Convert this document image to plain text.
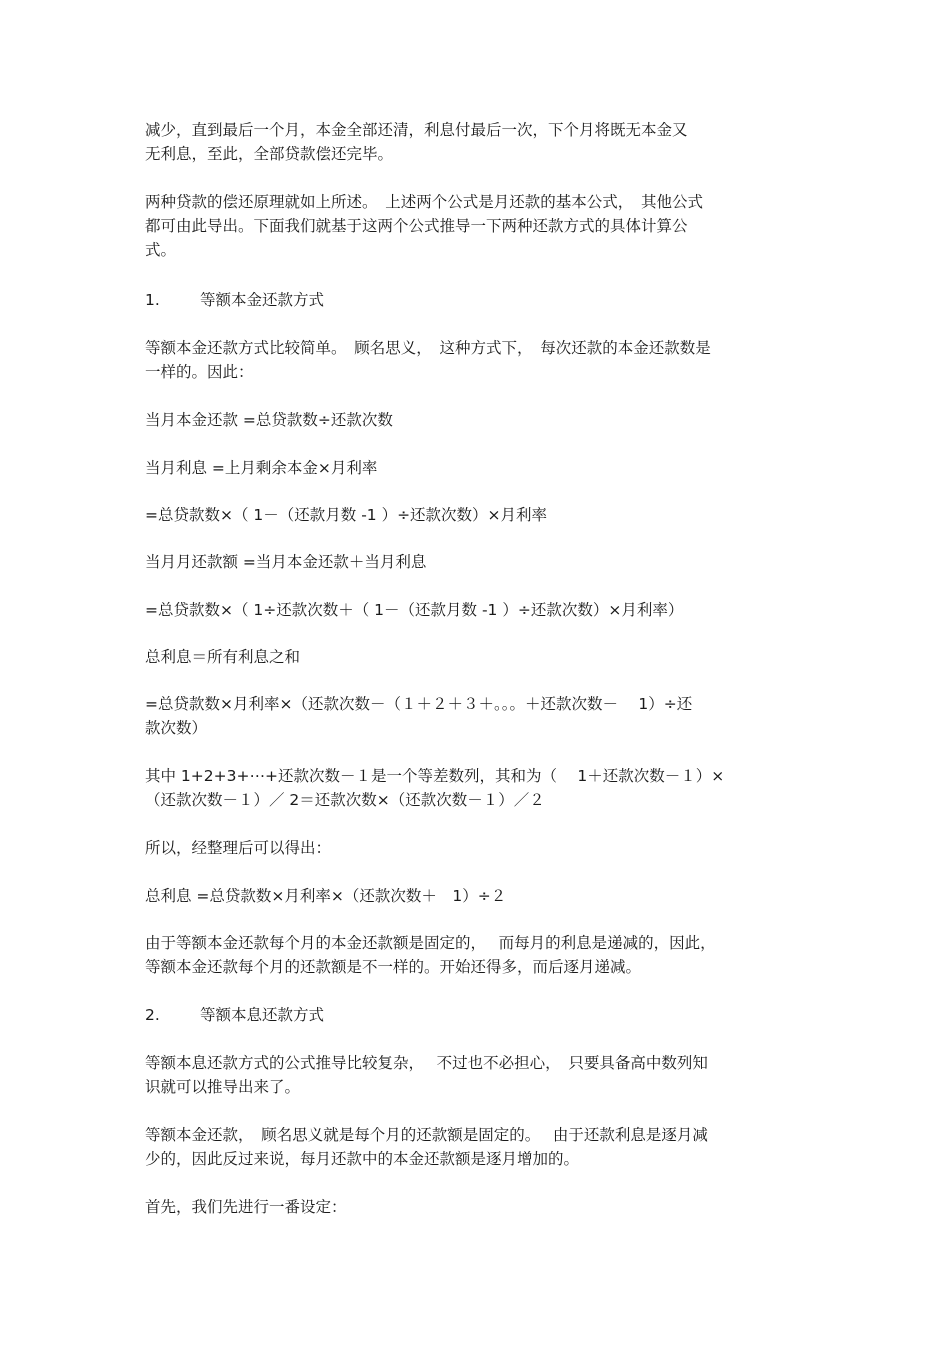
减少，直到最后一个月，本金全部还清，利息付最后一次，下个月将既无本金又
无利息，至此，全部贷款偿还完毕。

两种贷款的偿还原理就如上所述。　上述两个公式是月还款的基本公式，　其他公式
都可由此导出。下面我们就基于这两个公式推导一下两种还款方式的具体计算公
式。

1.	等额本金还款方式

等额本金还款方式比较简单。　顾名思义，　这种方式下，　每次还款的本金还款数是
一样的。因此：

当月本金还款 =总贷款数÷还款次数

当月利息 =上月剩余本金×月利率

=总贷款数×（ 1－（还款月数 -1 ）÷还款次数）×月利率

当月月还款额 =当月本金还款＋当月利息

=总贷款数×（ 1÷还款次数＋（ 1－（还款月数 -1 ）÷还款次数）×月利率）

总利息＝所有利息之和

=总贷款数×月利率×（还款次数－（１＋２＋３＋。。。＋还款次数－　 1）÷还
款次数）

其中 1+2+3+⋯+还款次数－１是一个等差数列，其和为（　 1＋还款次数－１）×
（还款次数－１）／ 2＝还款次数×（还款次数－１）／２

所以，经整理后可以得出：

总利息 =总贷款数×月利率×（还款次数＋　1）÷２

由于等额本金还款每个月的本金还款额是固定的，　 而每月的利息是递减的，因此，
等额本金还款每个月的还款额是不一样的。开始还得多，而后逐月递减。

2.	等额本息还款方式

等额本息还款方式的公式推导比较复杂，　 不过也不必担心，　只要具备高中数列知
识就可以推导出来了。

等额本金还款，　顾名思义就是每个月的还款额是固定的。　 由于还款利息是逐月减
少的，因此反过来说，每月还款中的本金还款额是逐月增加的。

首先，我们先进行一番设定：
